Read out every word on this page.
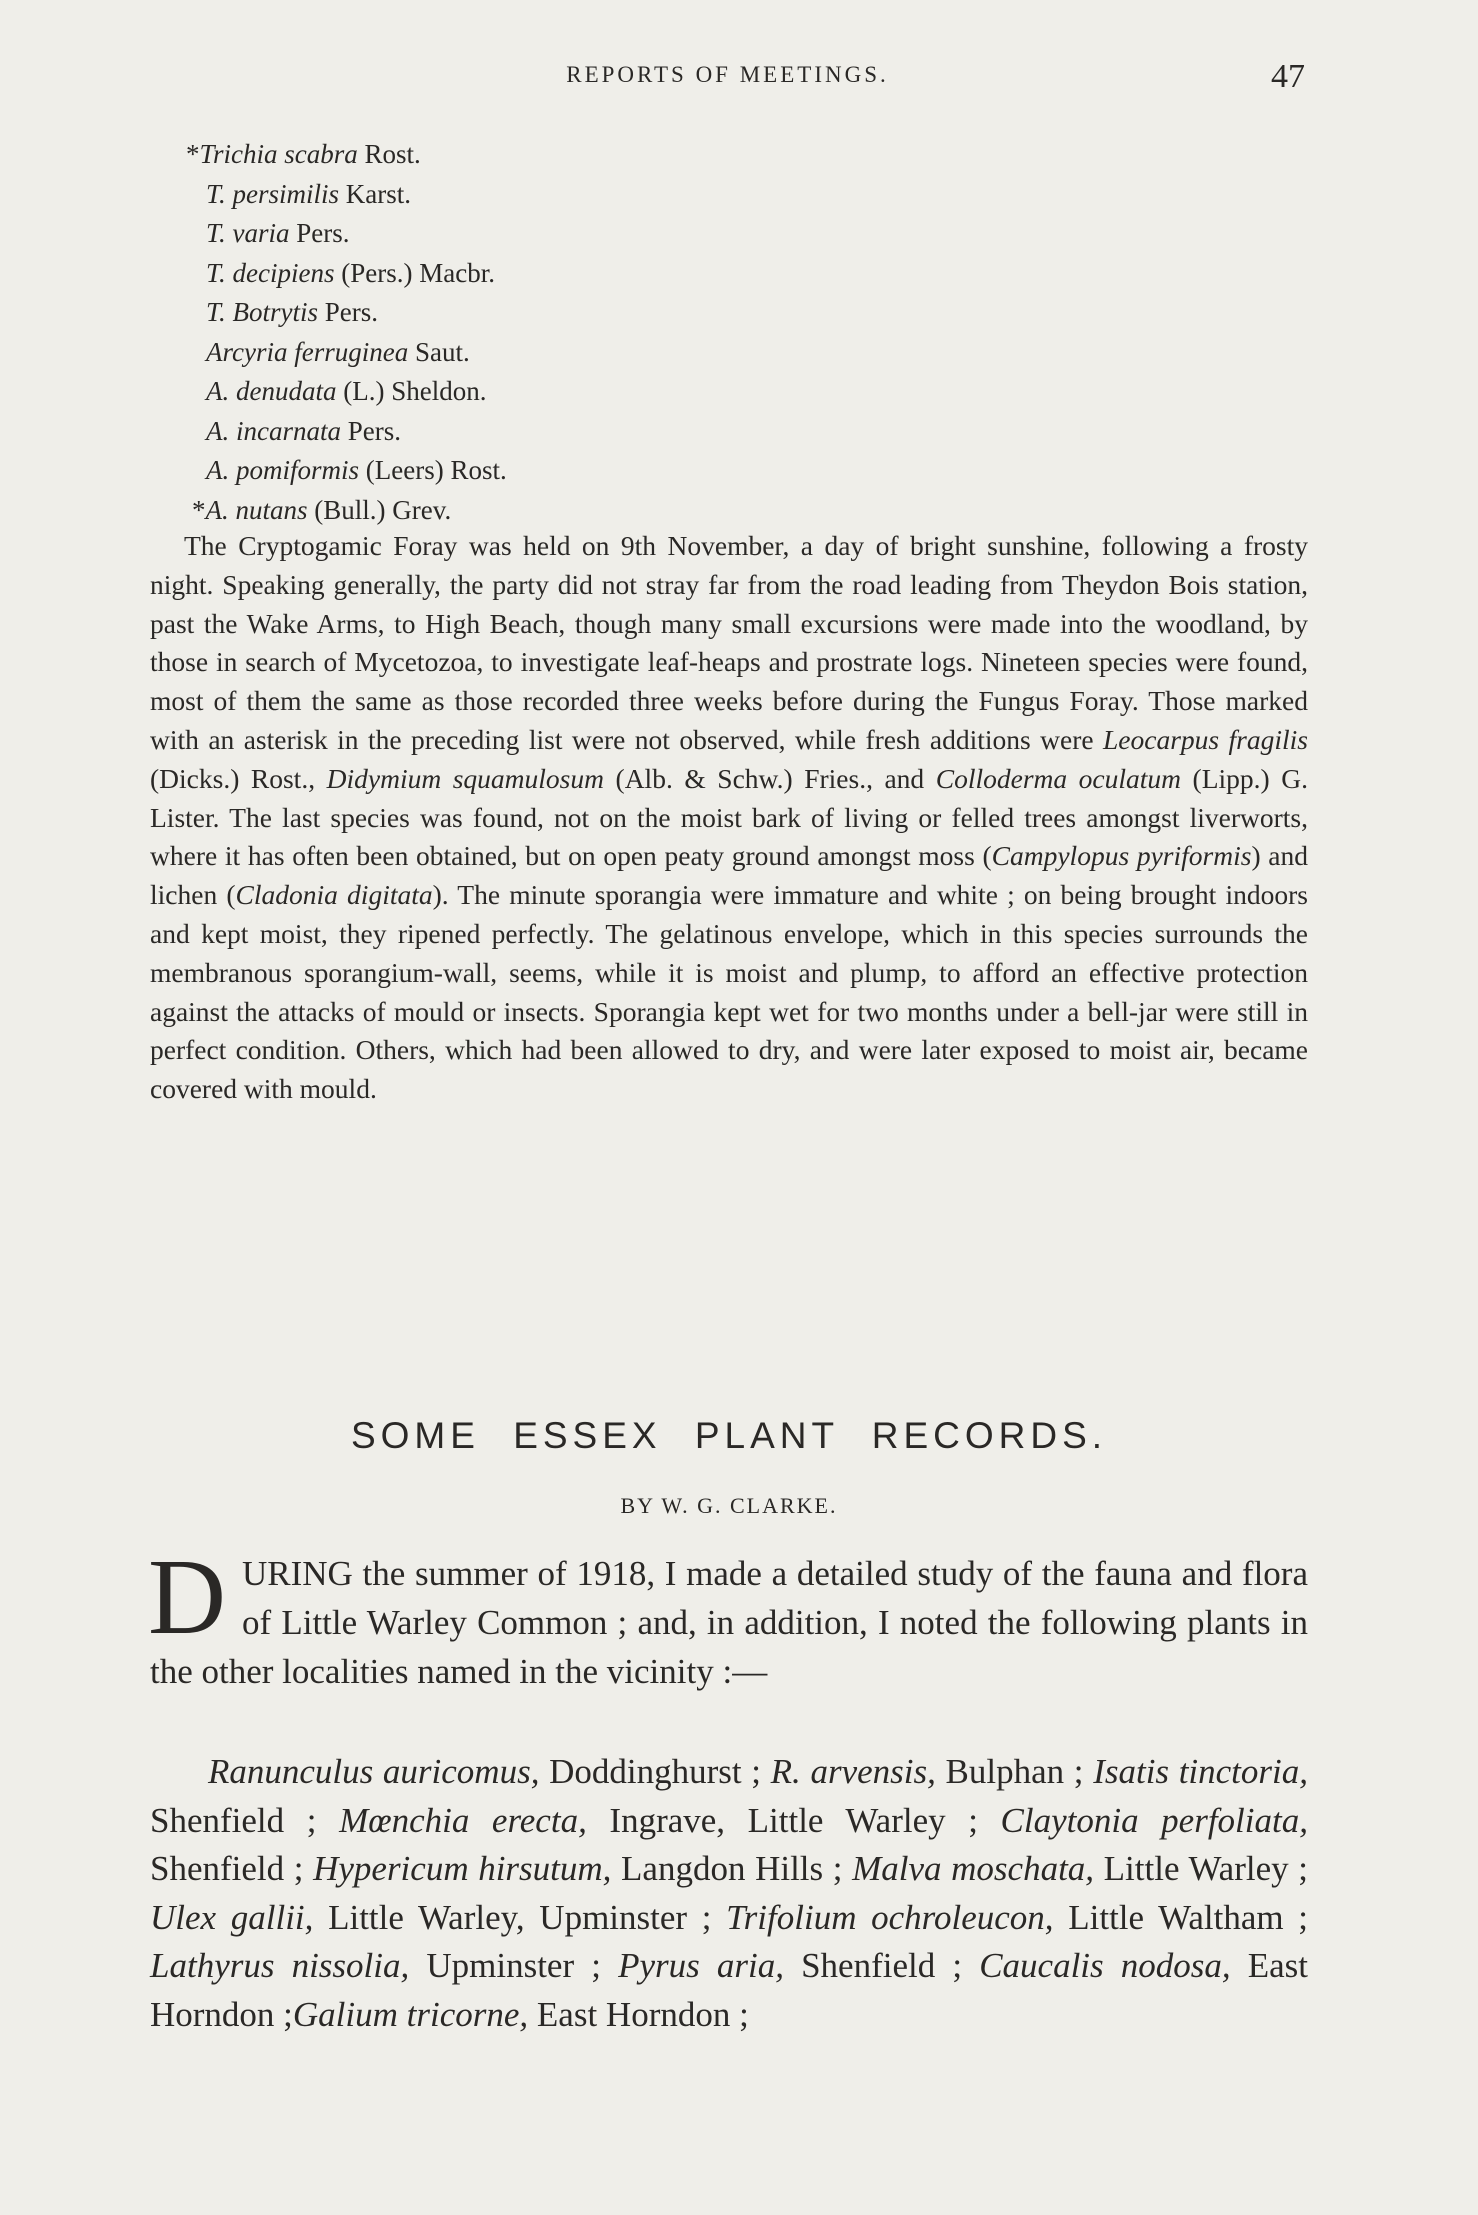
REPORTS OF MEETINGS.	47
*Trichia scabra Rost.
T. persimilis Karst.
T. varia Pers.
T. decipiens (Pers.) Macbr.
T. Botrytis Pers.
Arcyria ferruginea Saut.
A. denudata (L.) Sheldon.
A. incarnata Pers.
A. pomiformis (Leers) Rost.
*A. nutans (Bull.) Grev.
The Cryptogamic Foray was held on 9th November, a day of bright sunshine, following a frosty night. Speaking generally, the party did not stray far from the road leading from Theydon Bois station, past the Wake Arms, to High Beach, though many small excursions were made into the woodland, by those in search of Mycetozoa, to investigate leaf-heaps and prostrate logs. Nineteen species were found, most of them the same as those recorded three weeks before during the Fungus Foray. Those marked with an asterisk in the preceding list were not observed, while fresh additions were Leocarpus fragilis (Dicks.) Rost., Didymium squamulosum (Alb. & Schw.) Fries., and Colloderma oculatum (Lipp.) G. Lister. The last species was found, not on the moist bark of living or felled trees amongst liverworts, where it has often been obtained, but on open peaty ground amongst moss (Campylopus pyriformis) and lichen (Cladonia digitata). The minute sporangia were immature and white ; on being brought indoors and kept moist, they ripened perfectly. The gelatinous envelope, which in this species surrounds the membranous sporangium-wall, seems, while it is moist and plump, to afford an effective protection against the attacks of mould or insects. Sporangia kept wet for two months under a bell-jar were still in perfect condition. Others, which had been allowed to dry, and were later exposed to moist air, became covered with mould.
SOME ESSEX PLANT RECORDS.
BY W. G. CLARKE.
DURING the summer of 1918, I made a detailed study of the fauna and flora of Little Warley Common ; and, in addition, I noted the following plants in the other localities named in the vicinity :—
Ranunculus auricomus, Doddinghurst ; R. arvensis, Bulphan ; Isatis tinctoria, Shenfield ; Mœnchia erecta, Ingrave, Little Warley ; Claytonia perfoliata, Shenfield ; Hypericum hirsutum, Langdon Hills ; Malva moschata, Little Warley ; Ulex gallii, Little Warley, Upminster ; Trifolium ochroleucon, Little Waltham ; Lathyrus nissolia, Upminster ; Pyrus aria, Shenfield ; Caucalis nodosa, East Horndon ;Galium tricorne, East Horndon ;
